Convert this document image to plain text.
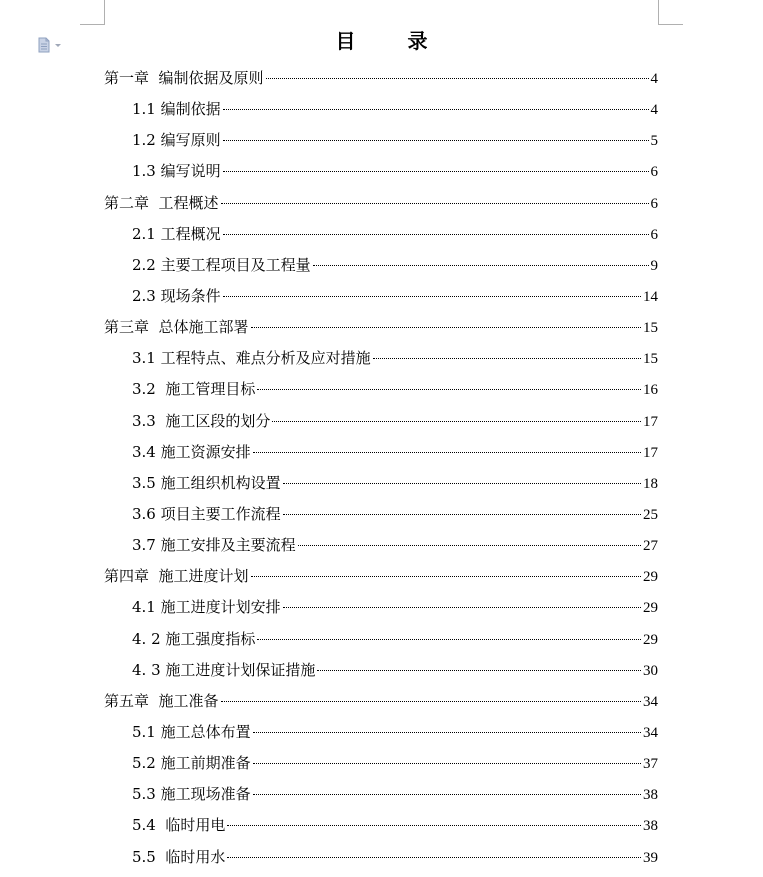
目录
第一章  编制依据及原则	4
1.1 编制依据	4
1.2 编写原则	5
1.3 编写说明	6
第二章  工程概述	6
2.1 工程概况	6
2.2 主要工程项目及工程量	9
2.3 现场条件	14
第三章  总体施工部署	15
3.1 工程特点、难点分析及应对措施	15
3.2  施工管理目标	16
3.3  施工区段的划分	17
3.4 施工资源安排	17
3.5 施工组织机构设置	18
3.6 项目主要工作流程	25
3.7 施工安排及主要流程	27
第四章  施工进度计划	29
4.1 施工进度计划安排	29
4. 2 施工强度指标	29
4. 3 施工进度计划保证措施	30
第五章  施工准备	34
5.1 施工总体布置	34
5.2 施工前期准备	37
5.3 施工现场准备	38
5.4  临时用电	38
5.5  临时用水	39
